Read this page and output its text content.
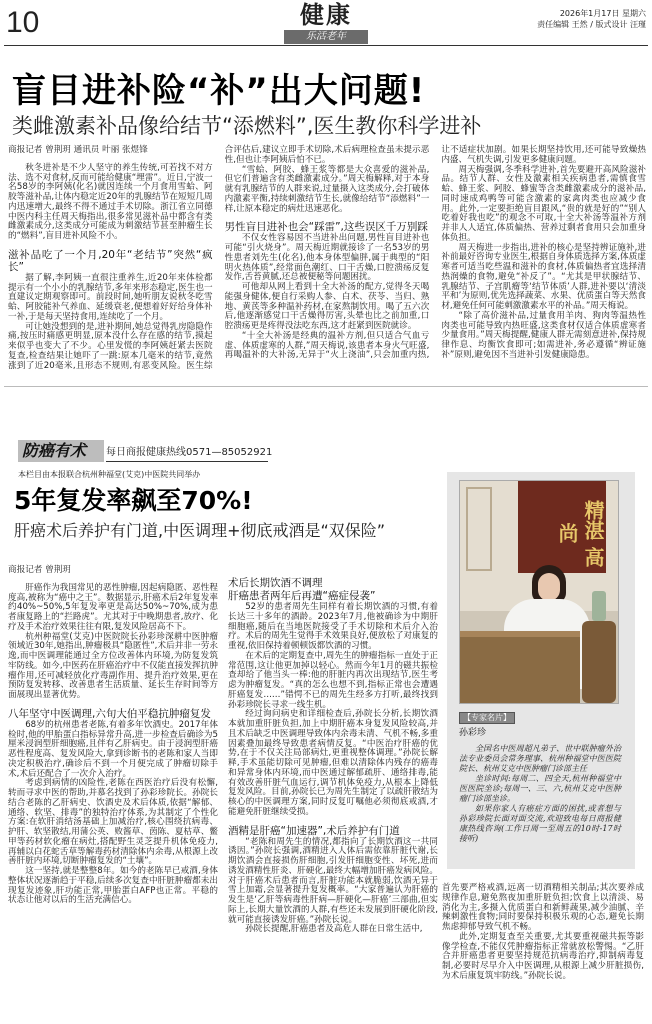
10	健康
乐活老年
2026年1月17日 星期六
责任编辑 王然 / 版式设计 汪瑾
盲目进补险“补”出大问题!
类雌激素补品像给结节“添燃料”,医生教你科学进补

商报记者 曾荆玥 通讯员 叶丽 张煜锋

秋冬进补是不少人坚守的养生传统,可若找不对方法、选不对食材,反而可能给健康“埋雷”。近日,宁波一名58岁的李阿姨(化名)就因连续一个月食用雪蛤、阿胶等滋补品,让体内稳定近20年的乳腺结节在短短几周内迅速增大,最终不得不通过手术切除。浙江省立同德中医内科主任周天梅指出,很多常见滋补品中都含有类雌激素成分,这类成分可能成为刺激结节甚至肿瘤生长的“燃料”,盲目进补风险不小。

滋补品吃了一个月,20年“老结节”突然“疯长”

据了解,李阿姨一直很注重养生,近20年来体检都提示有一个小小的乳腺结节,多年来形态稳定,医生也一直建议定期观察即可。前段时间,她听朋友说秋冬吃雪蛤、阿胶能补气养血、延缓衰老,便想着好好给身体补一补,于是每天坚持食用,连续吃了一个月。

可让她没想到的是,进补期间,她总觉得乳房隐隐作痛,按压时痛感更明显,原本没什么存在感的结节,摸起来似乎也变大了不少。心里发慌的李阿姨赶紧去医院复查,检查结果让她吓了一跳:原本几毫米的结节,竟然涨到了近20毫米,且形态不规则,有恶变风险。医生综合评估后,建议立即手术切除,术后病理检查虽未提示恶性,但也让李阿姨后怕不已。

“雪蛤、阿胶、蜂王浆等都是大众喜爱的滋补品,但它们普遍含有类雌激素成分。”周天梅解释,对于本身就有乳腺结节的人群来说,过量摄入这类成分,会打破体内激素平衡,持续刺激结节生长,就像给结节“添燃料”一样,让原本稳定的病灶迅速恶化。

男性盲目进补也会“踩雷”,这些误区千万别踩

不仅女性容易因不当进补出问题,男性盲目进补也可能“引火烧身”。周天梅近期就接诊了一名53岁的男性患者刘先生(化名),他本身体型偏胖,属于典型的“阳明火热体质”,经常面色潮红、口干舌燥,口腔溃疡反复发作,舌苔黄腻,还总被便秘等问题困扰。

可他却从网上看到十全大补汤的配方,觉得冬天喝能强身健体,便自行采购人参、白术、茯苓、当归、熟地、黄芪等多种温补药材,在家熬制饮用。喝了五六次后,他逐渐感觉口干舌燥得厉害,头晕也比之前加重,口腔溃疡更是疼得没法吃东西,这才赶紧到医院就诊。

“十全大补汤是经典的温补方剂,但只适合气血亏虚、体质虚寒的人群,”周天梅说,该患者本身火气旺盛,再喝温补的大补汤,无异于“火上浇油”,只会加重内热,让不适症状加剧。如果长期坚持饮用,还可能导致燥热内盛、气机失调,引发更多健康问题。

周天梅强调,冬季科学进补,首先要避开高风险滋补品。结节人群、女性及激素相关疾病患者,需慎食雪蛤、蜂王浆、阿胶、蜂蜜等含类雌激素成分的滋补品,同时速成鸡鸭等可能含激素的家禽肉类也应减少食用。此外,一定要拒绝盲目跟风,“贵的就是好的”“别人吃着好我也吃”的观念不可取,十全大补汤等温补方剂并非人人适宜,体质偏热、营养过剩者食用只会加重身体负担。

周天梅进一步指出,进补的核心是坚持辨证施补,进补前最好咨询专业医生,根据自身体质选择方案,体质虚寒者可适当吃些温和滋补的食材,体质偏热者宜选择清热润燥的食物,避免“补反了”。“尤其是甲状腺结节、乳腺结节、子宫肌瘤等‘结节体质’人群,进补要以‘清淡平和’为原则,优先选择蔬菜、水果、优质蛋白等天然食材,避免任何可能刺激激素水平的补品。”周天梅说。

“除了高价滋补品,过量食用羊肉、狗肉等温热性肉类也可能导致内热旺盛,这类食材仅适合体质虚寒者少量食用。”周天梅提醒,健康人群无需刻意进补,保持规律作息、均衡饮食即可;如需进补,务必遵循“辨证施补”原则,避免因不当进补引发健康隐患。

防癌有术	每日商报健康热线0571—85052921
本栏目由本报联合杭州种福堂(艾克)中医院共同举办
5年复发率飙至70%!
肝癌术后养护有门道,中医调理+彻底戒酒是“双保险”

商报记者 曾荆玥

肝癌作为我国常见的恶性肿瘤,因起病隐匿、恶性程度高,被称为“癌中之王”。数据显示,肝癌术后2年复发率约40%~50%,5年复发率更是高达50%~70%,成为患者康复路上的“拦路虎”。尤其对于中晚期患者,放疗、化疗及手术治疗效果往往有限,复发风险居高不下。

杭州种福堂(艾克)中医院院长孙彩珍深耕中医肿瘤领域近30年,她指出,肿瘤极具“隐匿性”,术后并非一劳永逸,而中医调理能通过全方位改善体内环境,为防复发筑牢防线。如今,中医药在肝癌治疗中不仅能直接发挥抗肿瘤作用,还可减轻放化疗毒副作用、提升治疗效果,更在预防复发转移、改善患者生活质量、延长生存时间等方面展现出显著优势。

八年坚守中医调理,六旬大伯平稳抗肿瘤复发

68岁的杭州患者老陈,有着多年饮酒史。2017年体检时,他的甲胎蛋白指标异常升高,进一步检查后确诊为5厘米浸润型肝细胞癌,且伴有乙肝病史。由于浸润型肝癌恶性程度高、复发风险大,拿到诊断书的老陈和家人当即决定积极治疗,确诊后不到一个月便完成了肿瘤切除手术,术后还配合了一次介入治疗。

考虑到病情的凶险性,老陈在西医治疗后没有松懈,转而寻求中医的帮助,并慕名找到了孙彩珍院长。孙院长结合老陈的乙肝病史、饮酒史及术后体质,依据“解郁、通络、软坚、排毒”的独特治疗体系,为其制定了个性化方案:在软肝消结汤基础上加减治疗,核心围绕抗病毒、护肝、软坚散结,用蒲公英、败酱草、茵陈、夏枯草、鳖甲等药材软化瘤在病灶,搭配野生灵芝提升机体免疫力,再辅以白花蛇舌草等解毒药材清除体内余毒,从根源上改善肝脏内环境,切断肿瘤复发的“土壤”。

这一坚持,就是整整8年。如今的老陈早已戒酒,身体整体状况逐渐趋于平稳,后续多次复查中肝脏肿瘤都未出现复发迹象,肝功能正常,甲胎蛋白AFP也正常。平稳的状态让他对以后的生活充满信心。

术后长期饮酒不调理
肝癌患者两年后再遭“癌症侵袭”

52岁的患者周先生同样有着长期饮酒的习惯,有着长达三十多年的酒龄。2023年7月,他被确诊为中期肝细胞癌,随后在当地医院接受了手术切除和术后介入治疗。术后的周先生觉得手术效果良好,便放松了对康复的重视,依旧保持着顿顿饭都饮酒的习惯。

在术后的定期复查中,周先生的肿瘤指标一直处于正常范围,这让他更加掉以轻心。然而今年1月的磁共振检查却给了他当头一棒:他的肝脏内再次出现结节,医生考虑为肿瘤复发。“真的怎么也想不到,指标正常也会遭遇肝癌复发……”错愕不已的周先生经多方打听,最终找到孙彩珍院长寻求一线生机。

经过询问病史和详细检查后,孙院长分析,长期饮酒本就加重肝脏负担,加上中期肝癌本身复发风险较高,并且术后缺乏中医调理导致体内余毒未清、气机不畅,多重因素叠加最终导致患者病情反复。“中医治疗肝癌的优势,在于不仅关注局部病灶,更重视整体调理。”孙院长解释,手术虽能切除可见肿瘤,但难以清除体内残存的癌毒和异常身体内环境,而中医通过解郁疏肝、通络排毒,能有效改善肝脏气血运行,调节机体免疫力,从根本上降低复发风险。目前,孙院长已为周先生制定了以疏肝散结为核心的中医调理方案,同时反复叮嘱他必须彻底戒酒,才能避免肝脏继续受损。

酒精是肝癌“加速器”,术后养护有门道

“老陈和周先生的情况,都指向了长期饮酒这一共同诱因。”孙院长强调,酒精进入人体后需依靠肝脏代谢,长期饮酒会直接损伤肝细胞,引发肝细胞变性、坏死,进而诱发酒精性肝炎、肝硬化,最终大幅增加肝癌发病风险。对于肝癌术后患者而言,肝脏功能本就脆弱,饮酒无异于雪上加霜,会显著提升复发概率。“大家普遍认为肝癌的发生是‘乙肝等病毒性肝病—肝硬化—肝癌’三部曲,但实际上,长期大量饮酒的人群,有些还未发展到肝硬化阶段,就可能直接诱发肝癌。”孙院长说。

孙院长提醒,肝癌患者及高危人群在日常生活中,

首先要严格戒酒,远离一切酒精相关制品;其次要养成规律作息,避免熬夜加重肝脏负担;饮食上以清淡、易消化为主,多摄入优质蛋白和新鲜蔬果,减少油腻、辛辣刺激性食物;同时要保持积极乐观的心态,避免长期焦虑抑郁导致气机不畅。

此外,定期复查至关重要,尤其要重视磁共振等影像学检查,不能仅凭肿瘤指标正常就放松警惕。“乙肝合并肝癌患者更要坚持规范抗病毒治疗,抑制病毒复制,必要时尽早介入中医调理,从根源上减少肝脏损伤,为术后康复筑牢防线。”孙院长说。

精湛 高尚
【专家名片】
孙彩珍

全国名中医周超凡弟子、世中联肿瘤外治法专业委员会常务理事、杭州种福堂中医医院院长、杭州艾克中医肿瘤门诊部主任

坐诊时间:每周二、四全天,杭州种福堂中医医院坐诊;每周一、三、六,杭州艾克中医肿瘤门诊部坐诊。

如果你家人有癌症方面的困扰,或者想与孙彩珍院长面对面交流,欢迎致电每日商报健康热线咨询(工作日周一至周五的10时-17时接听)
